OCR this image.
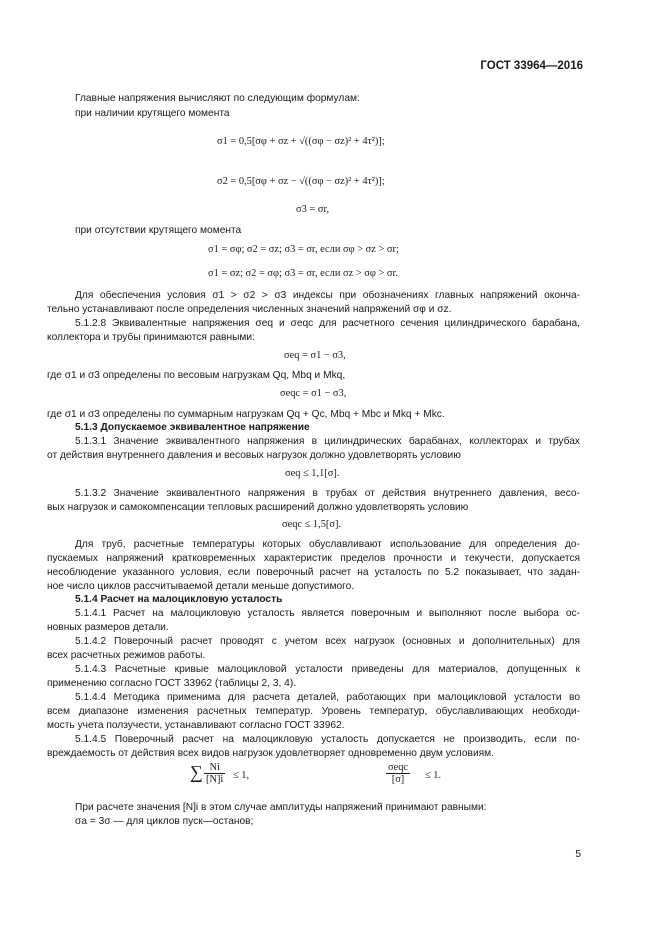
ГОСТ 33964—2016
Главные напряжения вычисляют по следующим формулам:
при наличии крутящего момента
σ1 = 0,5[σφ + σz + √((σφ − σz)² + 4τ²)];
σ2 = 0,5[σφ + σz − √((σφ − σz)² + 4τ²)];
σ3 = σr,
при отсутствии крутящего момента
σ1 = σφ; σ2 = σz; σ3 = σr, если σφ > σz > σr;
σ1 = σz; σ2 = σφ; σ3 = σr, если σz > σφ > σr.
Для обеспечения условия σ1 > σ2 > σ3 индексы при обозначениях главных напряжений оконча-
тельно устанавливают после определения численных значений напряжений σφ и σz.
5.1.2.8 Эквивалентные напряжения σeq и σeqc для расчетного сечения цилиндрического барабана,
коллектора и трубы принимаются равными:
σeq = σ1 − σ3,
где σ1 и σ3 определены по весовым нагрузкам Qq, Mbq и Mkq,
σeqc = σ1 − σ3,
где σ1 и σ3 определены по суммарным нагрузкам Qq + Qc, Mbq + Mbc и Mkq + Mkc.
5.1.3 Допускаемое эквивалентное напряжение
5.1.3.1 Значение эквивалентного напряжения в цилиндрических барабанах, коллекторах и трубах
от действия внутреннего давления и весовых нагрузок должно удовлетворять условию
σeq ≤ 1,1[σ].
5.1.3.2 Значение эквивалентного напряжения в трубах от действия внутреннего давления, весо-
вых нагрузок и самокомпенсации тепловых расширений должно удовлетворять условию
σeqc ≤ 1,5[σ].
Для труб, расчетные температуры которых обуславливают использование для определения до-
пускаемых напряжений кратковременных характеристик пределов прочности и текучести, допускается
несоблюдение указанного условия, если поверочный расчет на усталость по 5.2 показывает, что задан-
ное число циклов рассчитываемой детали меньше допустимого.
5.1.4 Расчет на малоцикловую усталость
5.1.4.1 Расчет на малоцикловую усталость является поверочным и выполняют после выбора ос-
новных размеров детали.
5.1.4.2 Поверочный расчет проводят с учетом всех нагрузок (основных и дополнительных) для
всех расчетных режимов работы.
5.1.4.3 Расчетные кривые малоцикловой усталости приведены для материалов, допущенных к
применению согласно ГОСТ 33962 (таблицы 2, 3, 4).
5.1.4.4 Методика применима для расчета деталей, работающих при малоцикловой усталости во
всем диапазоне изменения расчетных температур. Уровень температур, обуславливающих необходи-
мость учета ползучести, устанавливают согласно ГОСТ 33962.
5.1.4.5 Поверочный расчет на малоцикловую усталость допускается не производить, если по-
вреждаемость от действия всех видов нагрузок удовлетворяет одновременно двум условиям.
∑ $\frac{Ni}{[N]i} \le 1$,
σeqc
[σ]	≤ 1.
При расчете значения [N]i в этом случае амплитуды напряжений принимают равными:
σa = 3σ — для циклов пуск—останов;
5
